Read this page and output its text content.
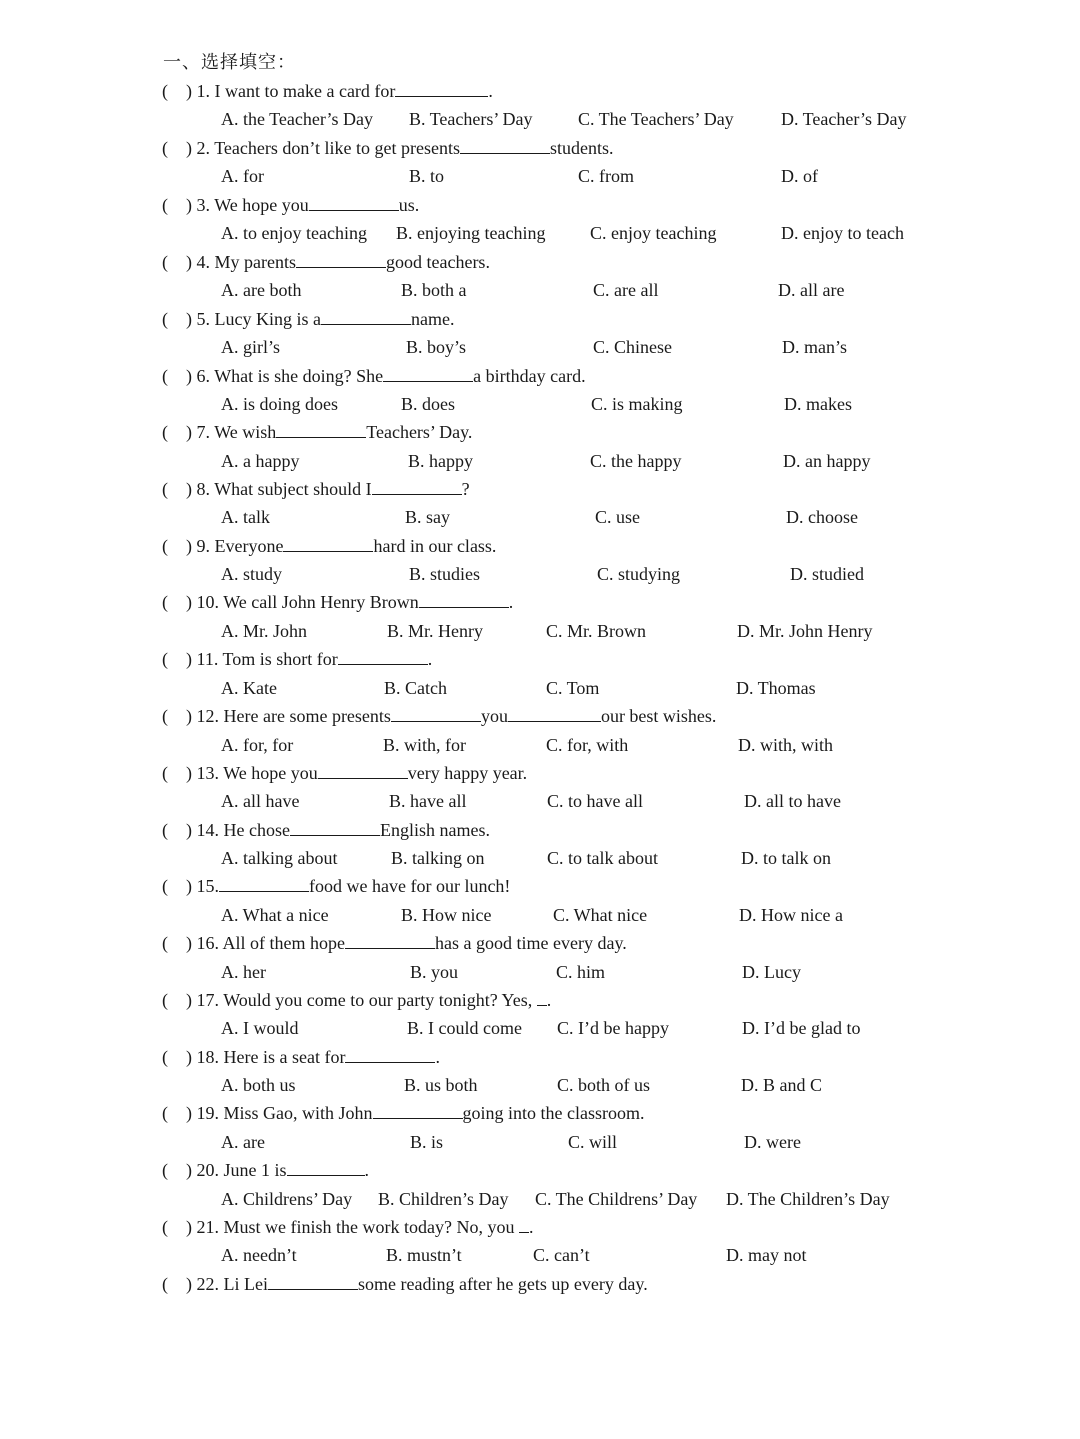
一、选择填空：
( ) 1. I want to make a card for	.
A. the Teacher’s Day B. Teachers’ Day	C. The Teachers’ Day	D. Teacher’s Day
( ) 2. Teachers don’t like to get presents	students.
A. for	B. to	C. from	D. of
( ) 3. We hope you	us.
A. to enjoy teaching B. enjoying teaching C. enjoy teaching	D. enjoy to teach
( ) 4. My parents	good teachers.
A. are both	B. both a	C. are all	D. all are
( ) 5. Lucy King is a	name.
A. girl’s	B. boy’s	C. Chinese	D. man’s
( ) 6. What is she doing? She	a birthday card.
A. is doing does	B. does	C. is making	D. makes
( ) 7. We wish	Teachers’ Day.
A. a happy	B. happy	C. the happy	D. an happy
( ) 8. What subject should I	?
A. talk	B. say	C. use	D. choose
( ) 9. Everyone	hard in our class.
A. study	B. studies	C. studying	D. studied
( ) 10. We call John Henry Brown	.
A. Mr. John	B. Mr. Henry	C. Mr. Brown	D. Mr. John Henry
( ) 11. Tom is short for	.
A. Kate	B. Catch	C. Tom	D. Thomas
( ) 12. Here are some presents	you	our best wishes.
A. for, for	B. with, for	C. for, with	D. with, with
( ) 13. We hope you	very happy year.
A. all have	B. have all	C. to have all	D. all to have
( ) 14. He chose	English names.
A. talking about	B. talking on	C. to talk about	D. to talk on
( ) 15.	food we have for our lunch!
A. What a nice	B. How nice	C. What nice	D. How nice a
( ) 16. All of them hope	has a good time every day.
A. her	B. you	C. him	D. Lucy
( ) 17. Would you come to our party tonight? Yes, .
A. I would	B. I could come C. I’d be happy	D. I’d be glad to
( ) 18. Here is a seat for	.
A. both us	B. us both	C. both of us	D. B and C
( ) 19. Miss Gao, with John	going into the classroom.
A. are	B. is	C. will	D. were
( ) 20. June 1 is	.
A. Childrens’ Day B. Children’s Day C. The Childrens’ Day D. The Children’s Day
( ) 21. Must we finish the work today? No, you .
A. needn’t	B. mustn’t	C. can’t	D. may not
( ) 22. Li Lei	some reading after he gets up every day.
